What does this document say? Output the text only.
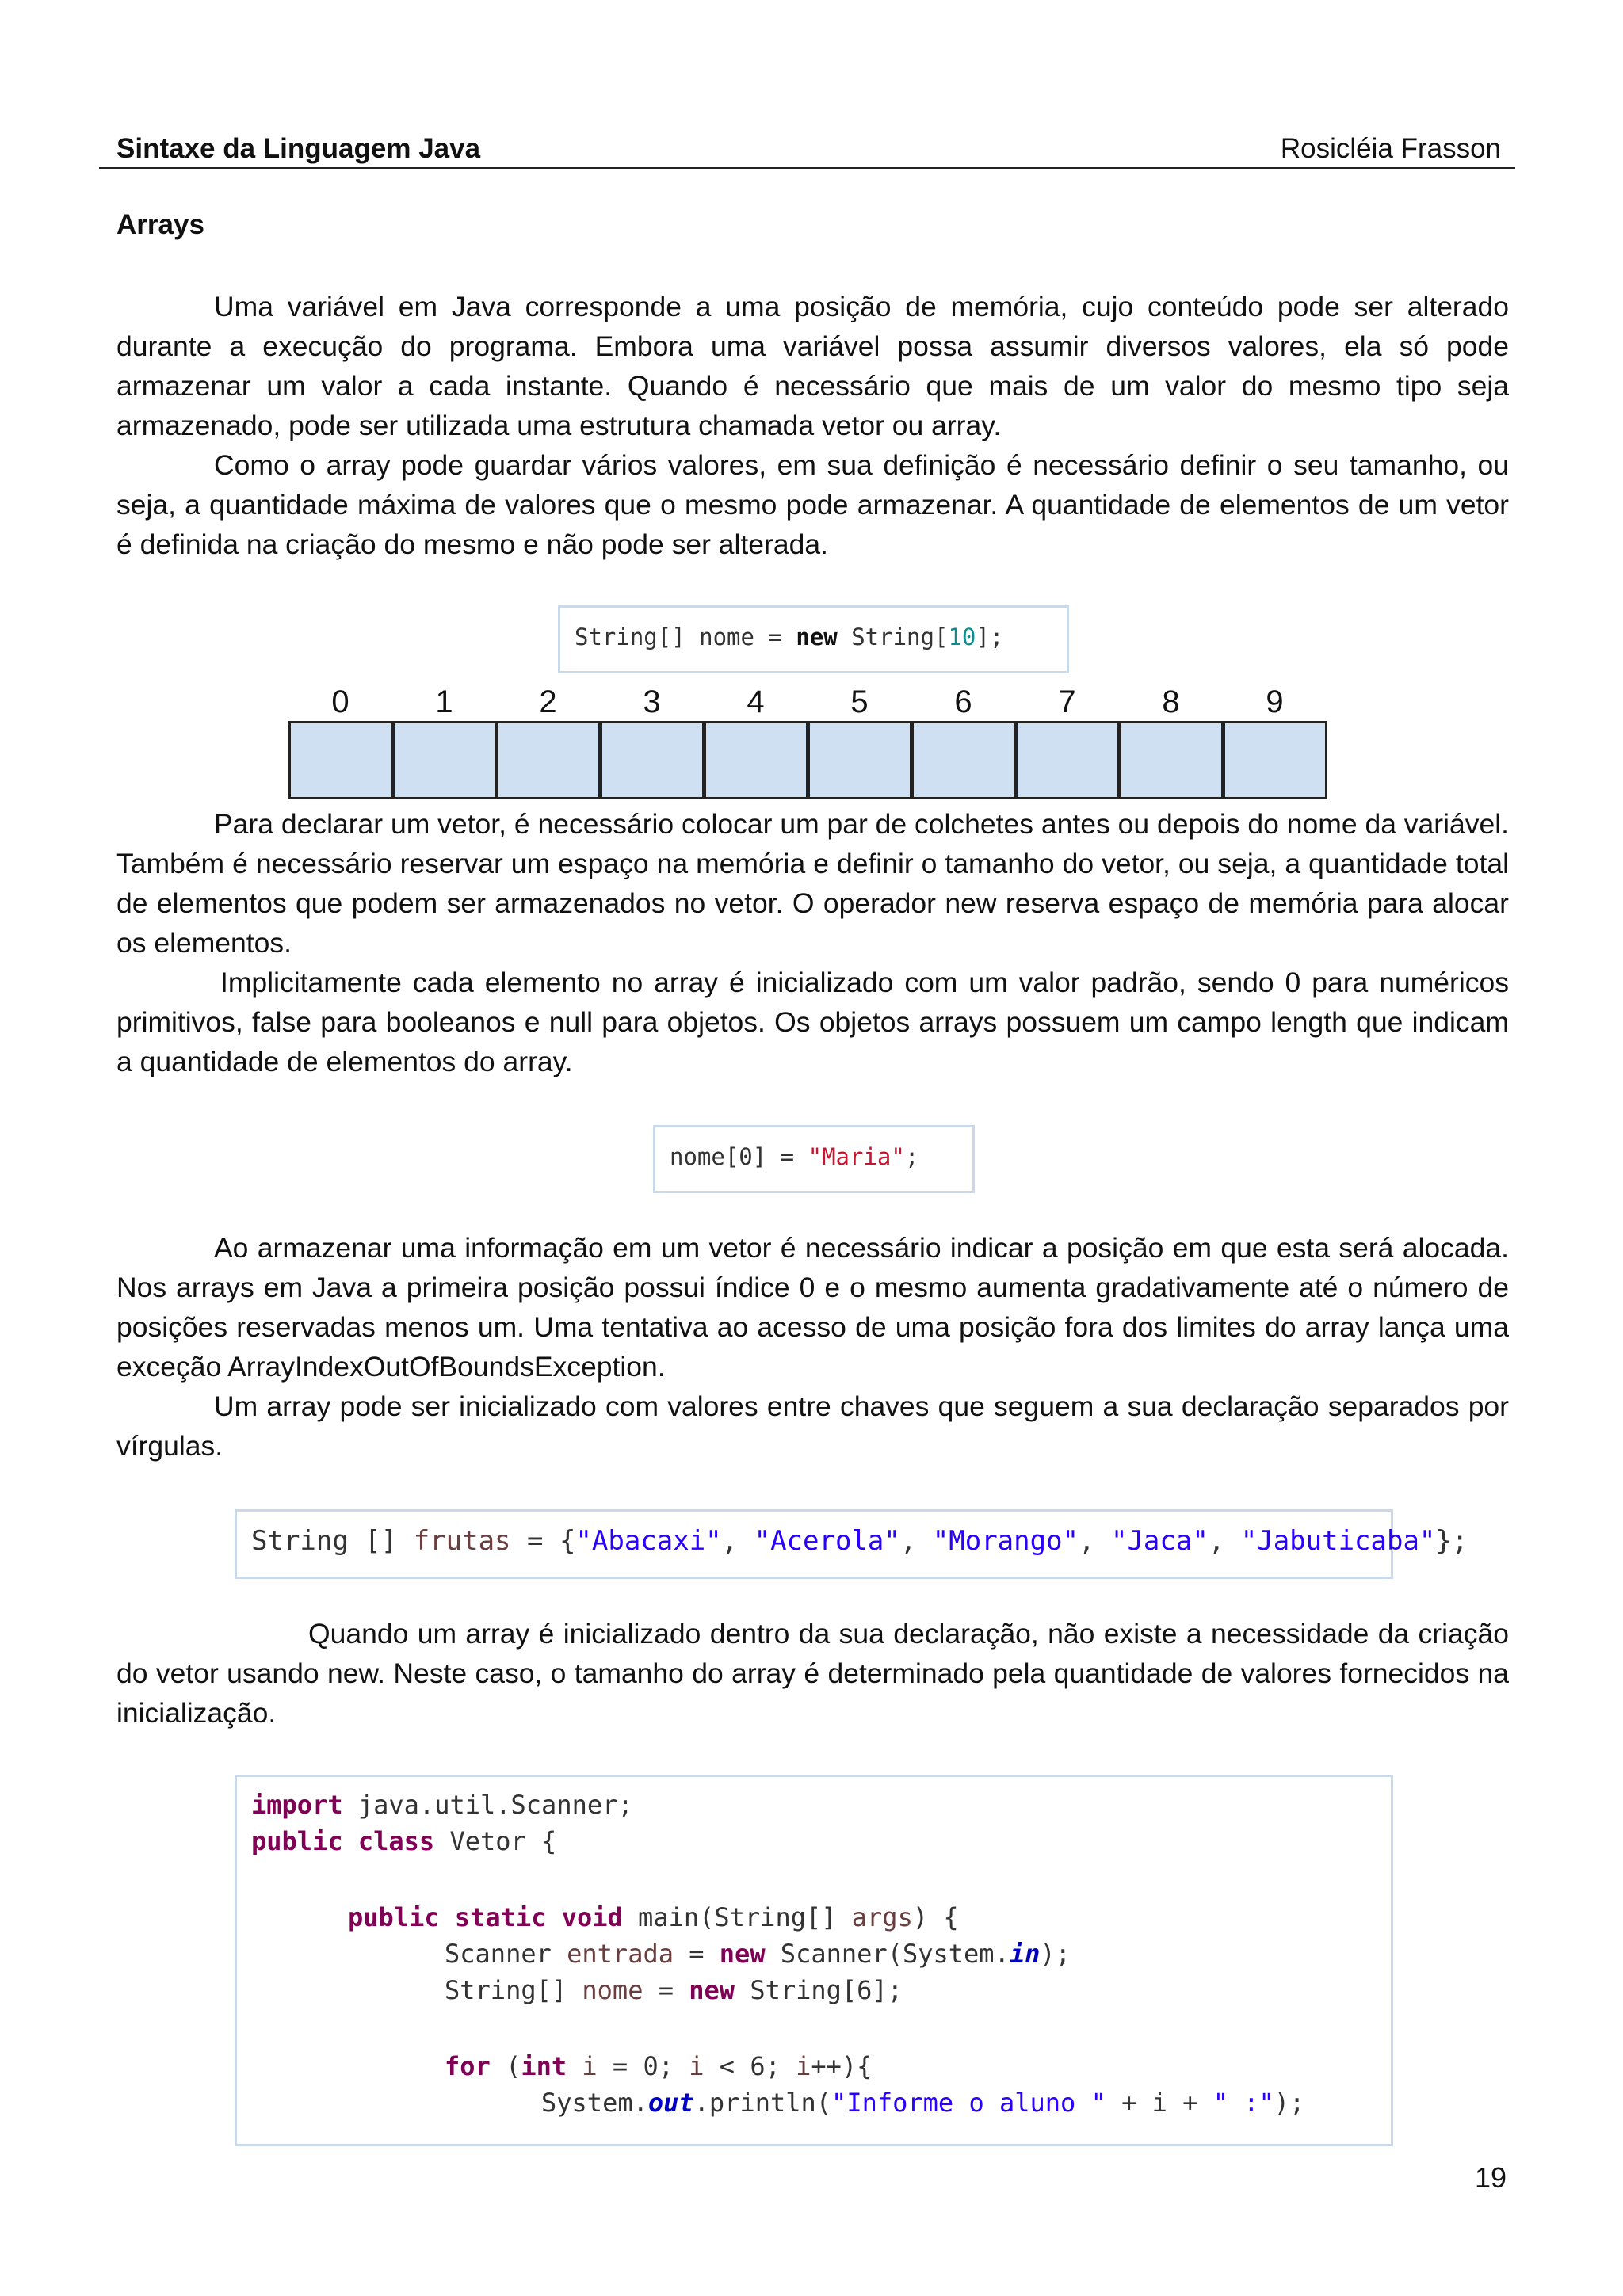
Sintaxe da Linguagem Java	Rosicléia Frasson
Arrays

Uma variável em Java corresponde a uma posição de memória, cujo conteúdo pode ser alterado durante a execução do programa. Embora uma variável possa assumir diversos valores, ela só pode armazenar um valor a cada instante. Quando é necessário que mais de um valor do mesmo tipo seja armazenado, pode ser utilizada uma estrutura chamada vetor ou array.

Como o array pode guardar vários valores, em sua definição é necessário definir o seu tamanho, ou seja, a quantidade máxima de valores que o mesmo pode armazenar. A quantidade de elementos de um vetor é definida na criação do mesmo e não pode ser alterada.

String[] nome = new String[10];

0	1	2	3	4	5	6	7	8	9

Para declarar um vetor, é necessário colocar um par de colchetes antes ou depois do nome da variável. Também é necessário reservar um espaço na memória e definir o tamanho do vetor, ou seja, a quantidade total de elementos que podem ser armazenados no vetor. O operador new reserva espaço de memória para alocar os elementos.

Implicitamente cada elemento no array é inicializado com um valor padrão, sendo 0 para numéricos primitivos, false para booleanos e null para objetos. Os objetos arrays possuem um campo length que indicam a quantidade de elementos do array.

nome[0] = "Maria";

Ao armazenar uma informação em um vetor é necessário indicar a posição em que esta será alocada. Nos arrays em Java a primeira posição possui índice 0 e o mesmo aumenta gradativamente até o número de posições reservadas menos um. Uma tentativa ao acesso de uma posição fora dos limites do array lança uma exceção ArrayIndexOutOfBoundsException.

Um array pode ser inicializado com valores entre chaves que seguem a sua declaração separados por vírgulas.

String [] frutas = {"Abacaxi", "Acerola", "Morango", "Jaca", "Jabuticaba"};

Quando um array é inicializado dentro da sua declaração, não existe a necessidade da criação do vetor usando new. Neste caso, o tamanho do array é determinado pela quantidade de valores fornecidos na inicialização.

import java.util.Scanner;

public class Vetor {

public static void main(String[] args) {

Scanner entrada = new Scanner(System.in);

String[] nome = new String[6];

for (int i = 0; i < 6; i++){

System.out.println("Informe o aluno " + i + " :");

19
